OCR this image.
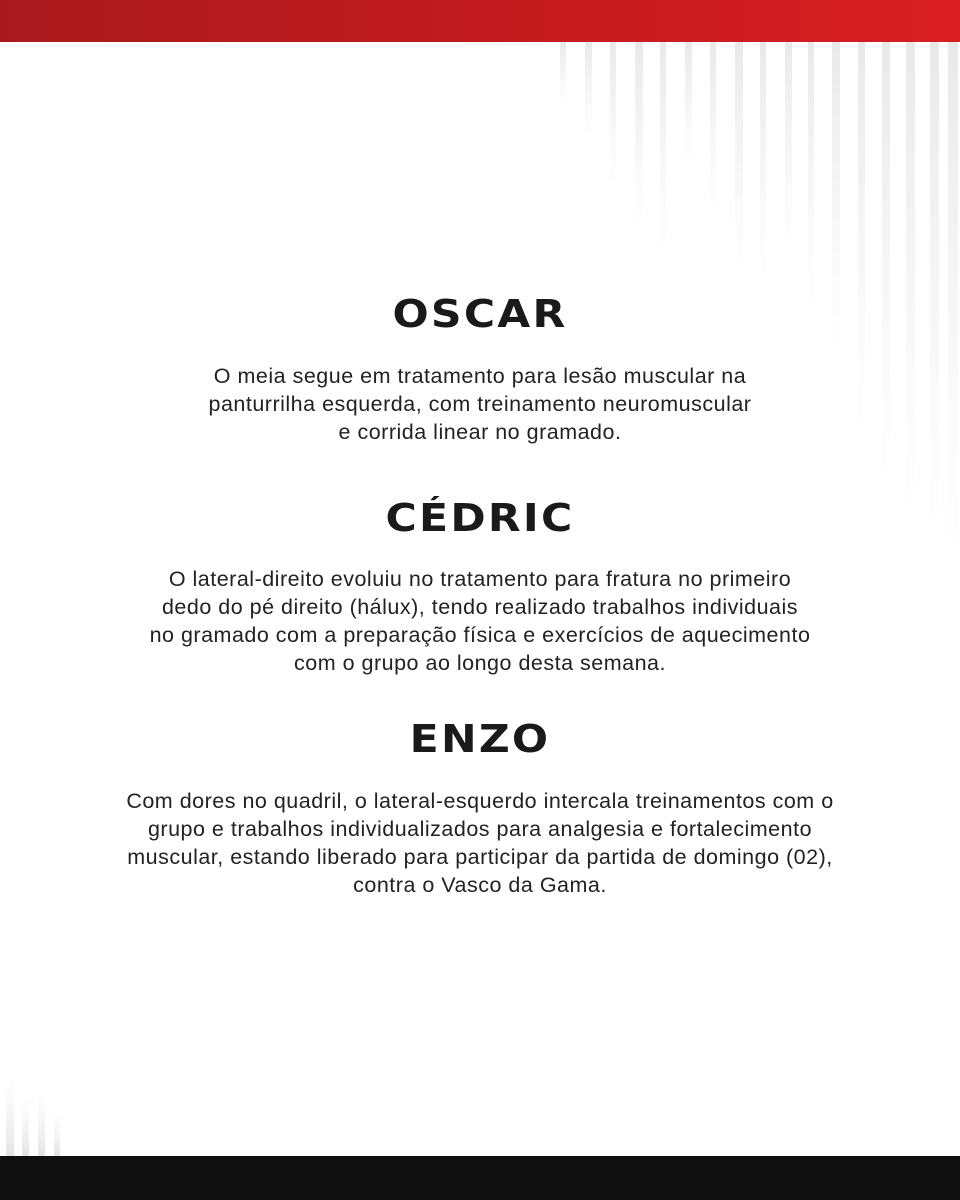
OSCAR

O meia segue em tratamento para lesão muscular na
panturrilha esquerda, com treinamento neuromuscular
e corrida linear no gramado.

CÉDRIC

O lateral-direito evoluiu no tratamento para fratura no primeiro
dedo do pé direito (hálux), tendo realizado trabalhos individuais
no gramado com a preparação física e exercícios de aquecimento
com o grupo ao longo desta semana.

ENZO

Com dores no quadril, o lateral-esquerdo intercala treinamentos com o
grupo e trabalhos individualizados para analgesia e fortalecimento
muscular, estando liberado para participar da partida de domingo (02),
contra o Vasco da Gama.
